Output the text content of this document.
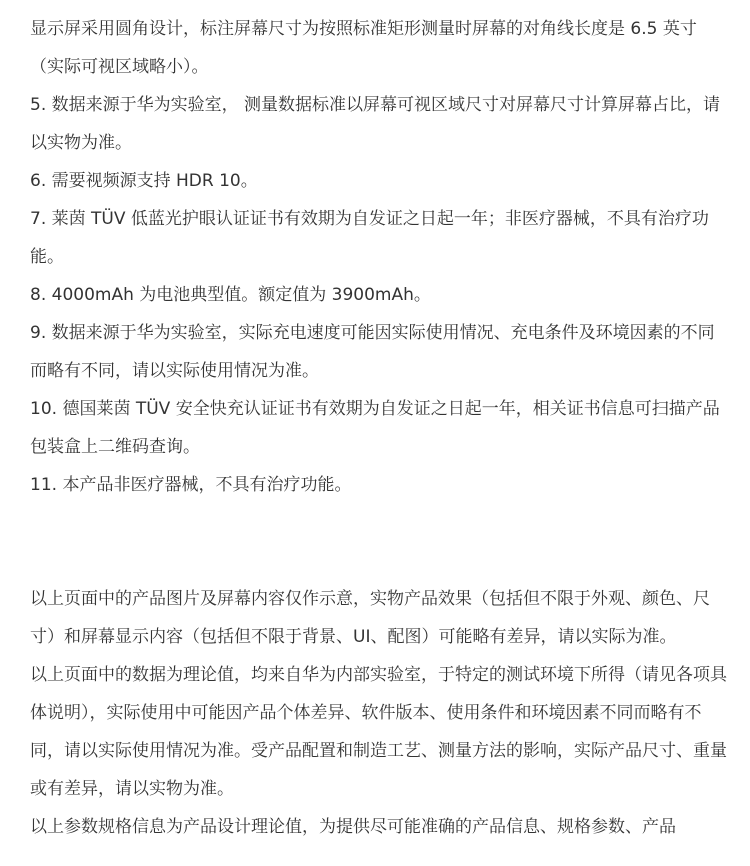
显示屏采用圆角设计，标注屏幕尺寸为按照标准矩形测量时屏幕的对角线长度是 6.5 英寸（实际可视区域略小）。

5. 数据来源于华为实验室， 测量数据标准以屏幕可视区域尺寸对屏幕尺寸计算屏幕占比，请以实物为准。

6. 需要视频源支持 HDR 10。

7. 莱茵 TÜV 低蓝光护眼认证证书有效期为自发证之日起一年；非医疗器械，不具有治疗功能。

8. 4000mAh 为电池典型值。额定值为 3900mAh。

9. 数据来源于华为实验室，实际充电速度可能因实际使用情况、充电条件及环境因素的不同而略有不同，请以实际使用情况为准。

10. 德国莱茵 TÜV 安全快充认证证书有效期为自发证之日起一年，相关证书信息可扫描产品包装盒上二维码查询。

11. 本产品非医疗器械，不具有治疗功能。

以上页面中的产品图片及屏幕内容仅作示意，实物产品效果（包括但不限于外观、颜色、尺寸）和屏幕显示内容（包括但不限于背景、UI、配图）可能略有差异，请以实际为准。

以上页面中的数据为理论值，均来自华为内部实验室，于特定的测试环境下所得（请见各项具体说明），实际使用中可能因产品个体差异、软件版本、使用条件和环境因素不同而略有不同，请以实际使用情况为准。受产品配置和制造工艺、测量方法的影响，实际产品尺寸、重量或有差异，请以实物为准。

以上参数规格信息为产品设计理论值，为提供尽可能准确的产品信息、规格参数、产品
